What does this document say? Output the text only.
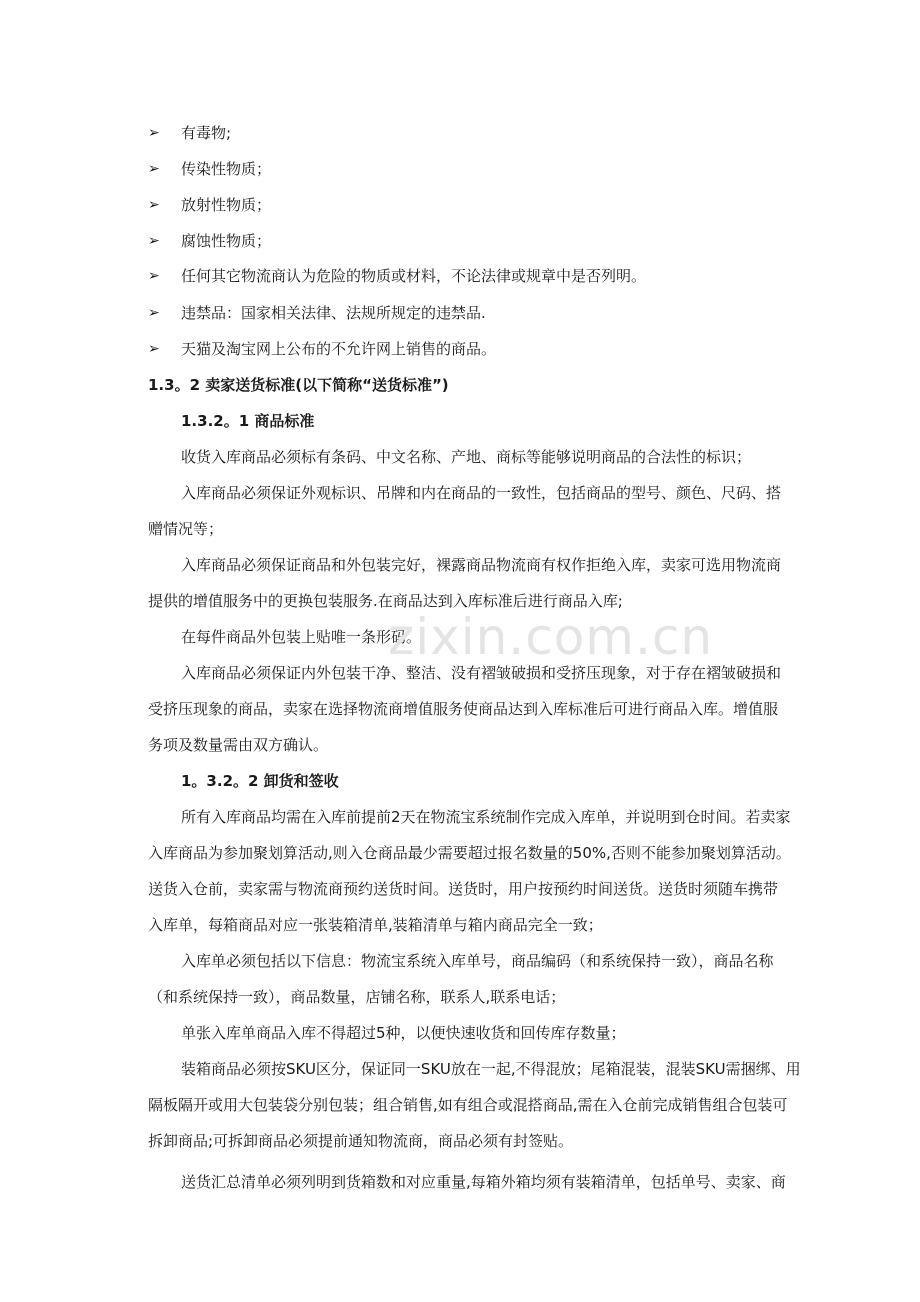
➢	有毒物;
➢	传染性物质；
➢	放射性物质；
➢	腐蚀性物质；
➢	任何其它物流商认为危险的物质或材料，不论法律或规章中是否列明。
➢	违禁品：国家相关法律、法规所规定的违禁品.
➢	天猫及淘宝网上公布的不允许网上销售的商品。
1.3。2 卖家送货标准(以下简称“送货标准”)
1.3.2。1 商品标准
收货入库商品必须标有条码、中文名称、产地、商标等能够说明商品的合法性的标识；
入库商品必须保证外观标识、吊牌和内在商品的一致性，包括商品的型号、颜色、尺码、搭
赠情况等；
入库商品必须保证商品和外包装完好，裸露商品物流商有权作拒绝入库，卖家可选用物流商
提供的增值服务中的更换包装服务.在商品达到入库标准后进行商品入库;
在每件商品外包装上贴唯一条形码。
入库商品必须保证内外包装干净、整洁、没有褶皱破损和受挤压现象，对于存在褶皱破损和
受挤压现象的商品，卖家在选择物流商增值服务使商品达到入库标准后可进行商品入库。增值服
务项及数量需由双方确认。
1。3.2。2 卸货和签收
所有入库商品均需在入库前提前2天在物流宝系统制作完成入库单，并说明到仓时间。若卖家
入库商品为参加聚划算活动,则入仓商品最少需要超过报名数量的50%,否则不能参加聚划算活动。
送货入仓前，卖家需与物流商预约送货时间。送货时，用户按预约时间送货。送货时须随车携带
入库单，每箱商品对应一张装箱清单,装箱清单与箱内商品完全一致；
入库单必须包括以下信息：物流宝系统入库单号，商品编码（和系统保持一致），商品名称
（和系统保持一致），商品数量，店铺名称，联系人,联系电话；
单张入库单商品入库不得超过5种，以便快速收货和回传库存数量；
装箱商品必须按SKU区分，保证同一SKU放在一起,不得混放；尾箱混装，混装SKU需捆绑、用
隔板隔开或用大包装袋分别包装；组合销售,如有组合或混搭商品,需在入仓前完成销售组合包装可
拆卸商品;可拆卸商品必须提前通知物流商，商品必须有封签贴。
送货汇总清单必须列明到货箱数和对应重量,每箱外箱均须有装箱清单，包括单号、卖家、商
zixin.com.cn
